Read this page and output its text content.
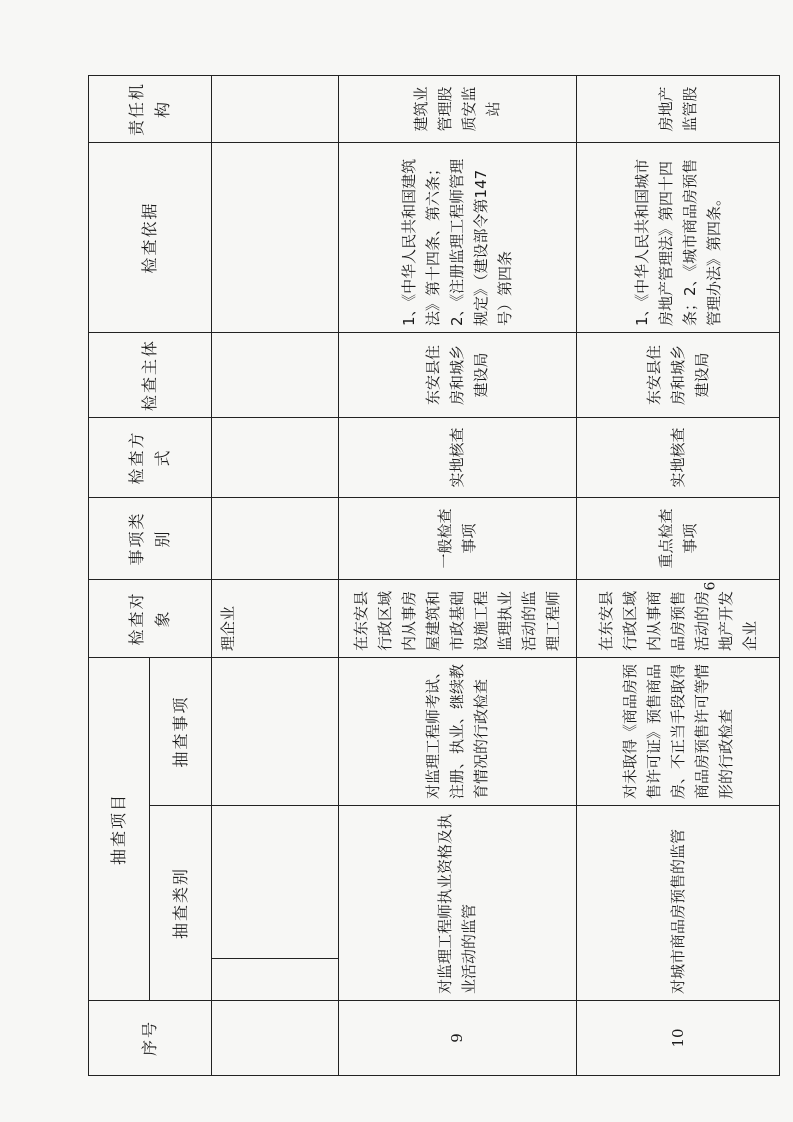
序号	抽查项目			检查对象	事项类别	检查方式	检查主体	检查依据	责任机构
	抽查类别		抽查事项						
				理企业					
9	对监理工程师执业资格及执业活动的监管		对监理工程师考试、注册、执业、继续教育情况的行政检查	在东安县行政区域内从事房屋建筑和市政基础设施工程监理执业活动的监理工程师	一般检查事项	实地核查	东安县住房和城乡建设局	1、《中华人民共和国建筑法》第十四条、第六条；2、《注册监理工程师管理规定》（建设部令第147号）第四条	建筑业管理股质安监站
10	对城市商品房预售的监管		对未取得《商品房预售许可证》预售商品房、不正当手段取得商品房预售许可等情形的行政检查	在东安县行政区域内从事商品房预售活动的房地产开发企业	重点检查事项	实地核查	东安县住房和城乡建设局	1、《中华人民共和国城市房地产管理法》第四十四条；2、《城市商品房预售管理办法》第四条。	房地产监管股
6
